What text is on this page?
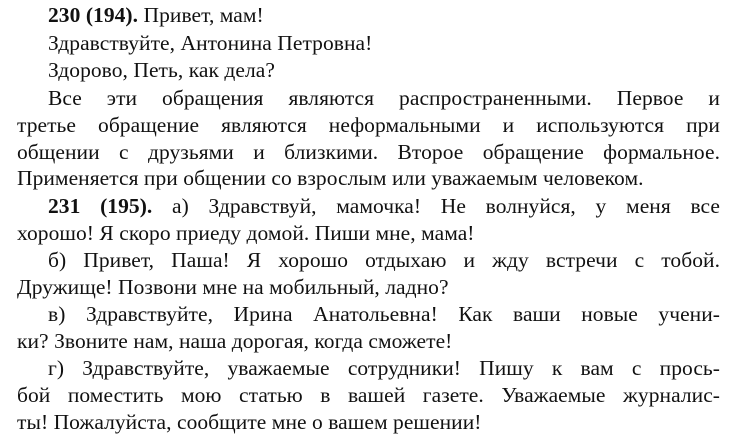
230 (194). Привет, мам!
Здравствуйте, Антонина Петровна!
Здорово, Петь, как дела?
Все эти обращения являются распространенными. Первое и
третье обращение являются неформальными и используются при
общении с друзьями и близкими. Второе обращение формальное.
Применяется при общении со взрослым или уважаемым человеком.
231 (195). а) Здравствуй, мамочка! Не волнуйся, у меня все
хорошо! Я скоро приеду домой. Пиши мне, мама!
б) Привет, Паша! Я хорошо отдыхаю и жду встречи с тобой.
Дружище! Позвони мне на мобильный, ладно?
в) Здравствуйте, Ирина Анатольевна! Как ваши новые учени-
ки? Звоните нам, наша дорогая, когда сможете!
г) Здравствуйте, уважаемые сотрудники! Пишу к вам с прось-
бой поместить мою статью в вашей газете. Уважаемые журналис-
ты! Пожалуйста, сообщите мне о вашем решении!
